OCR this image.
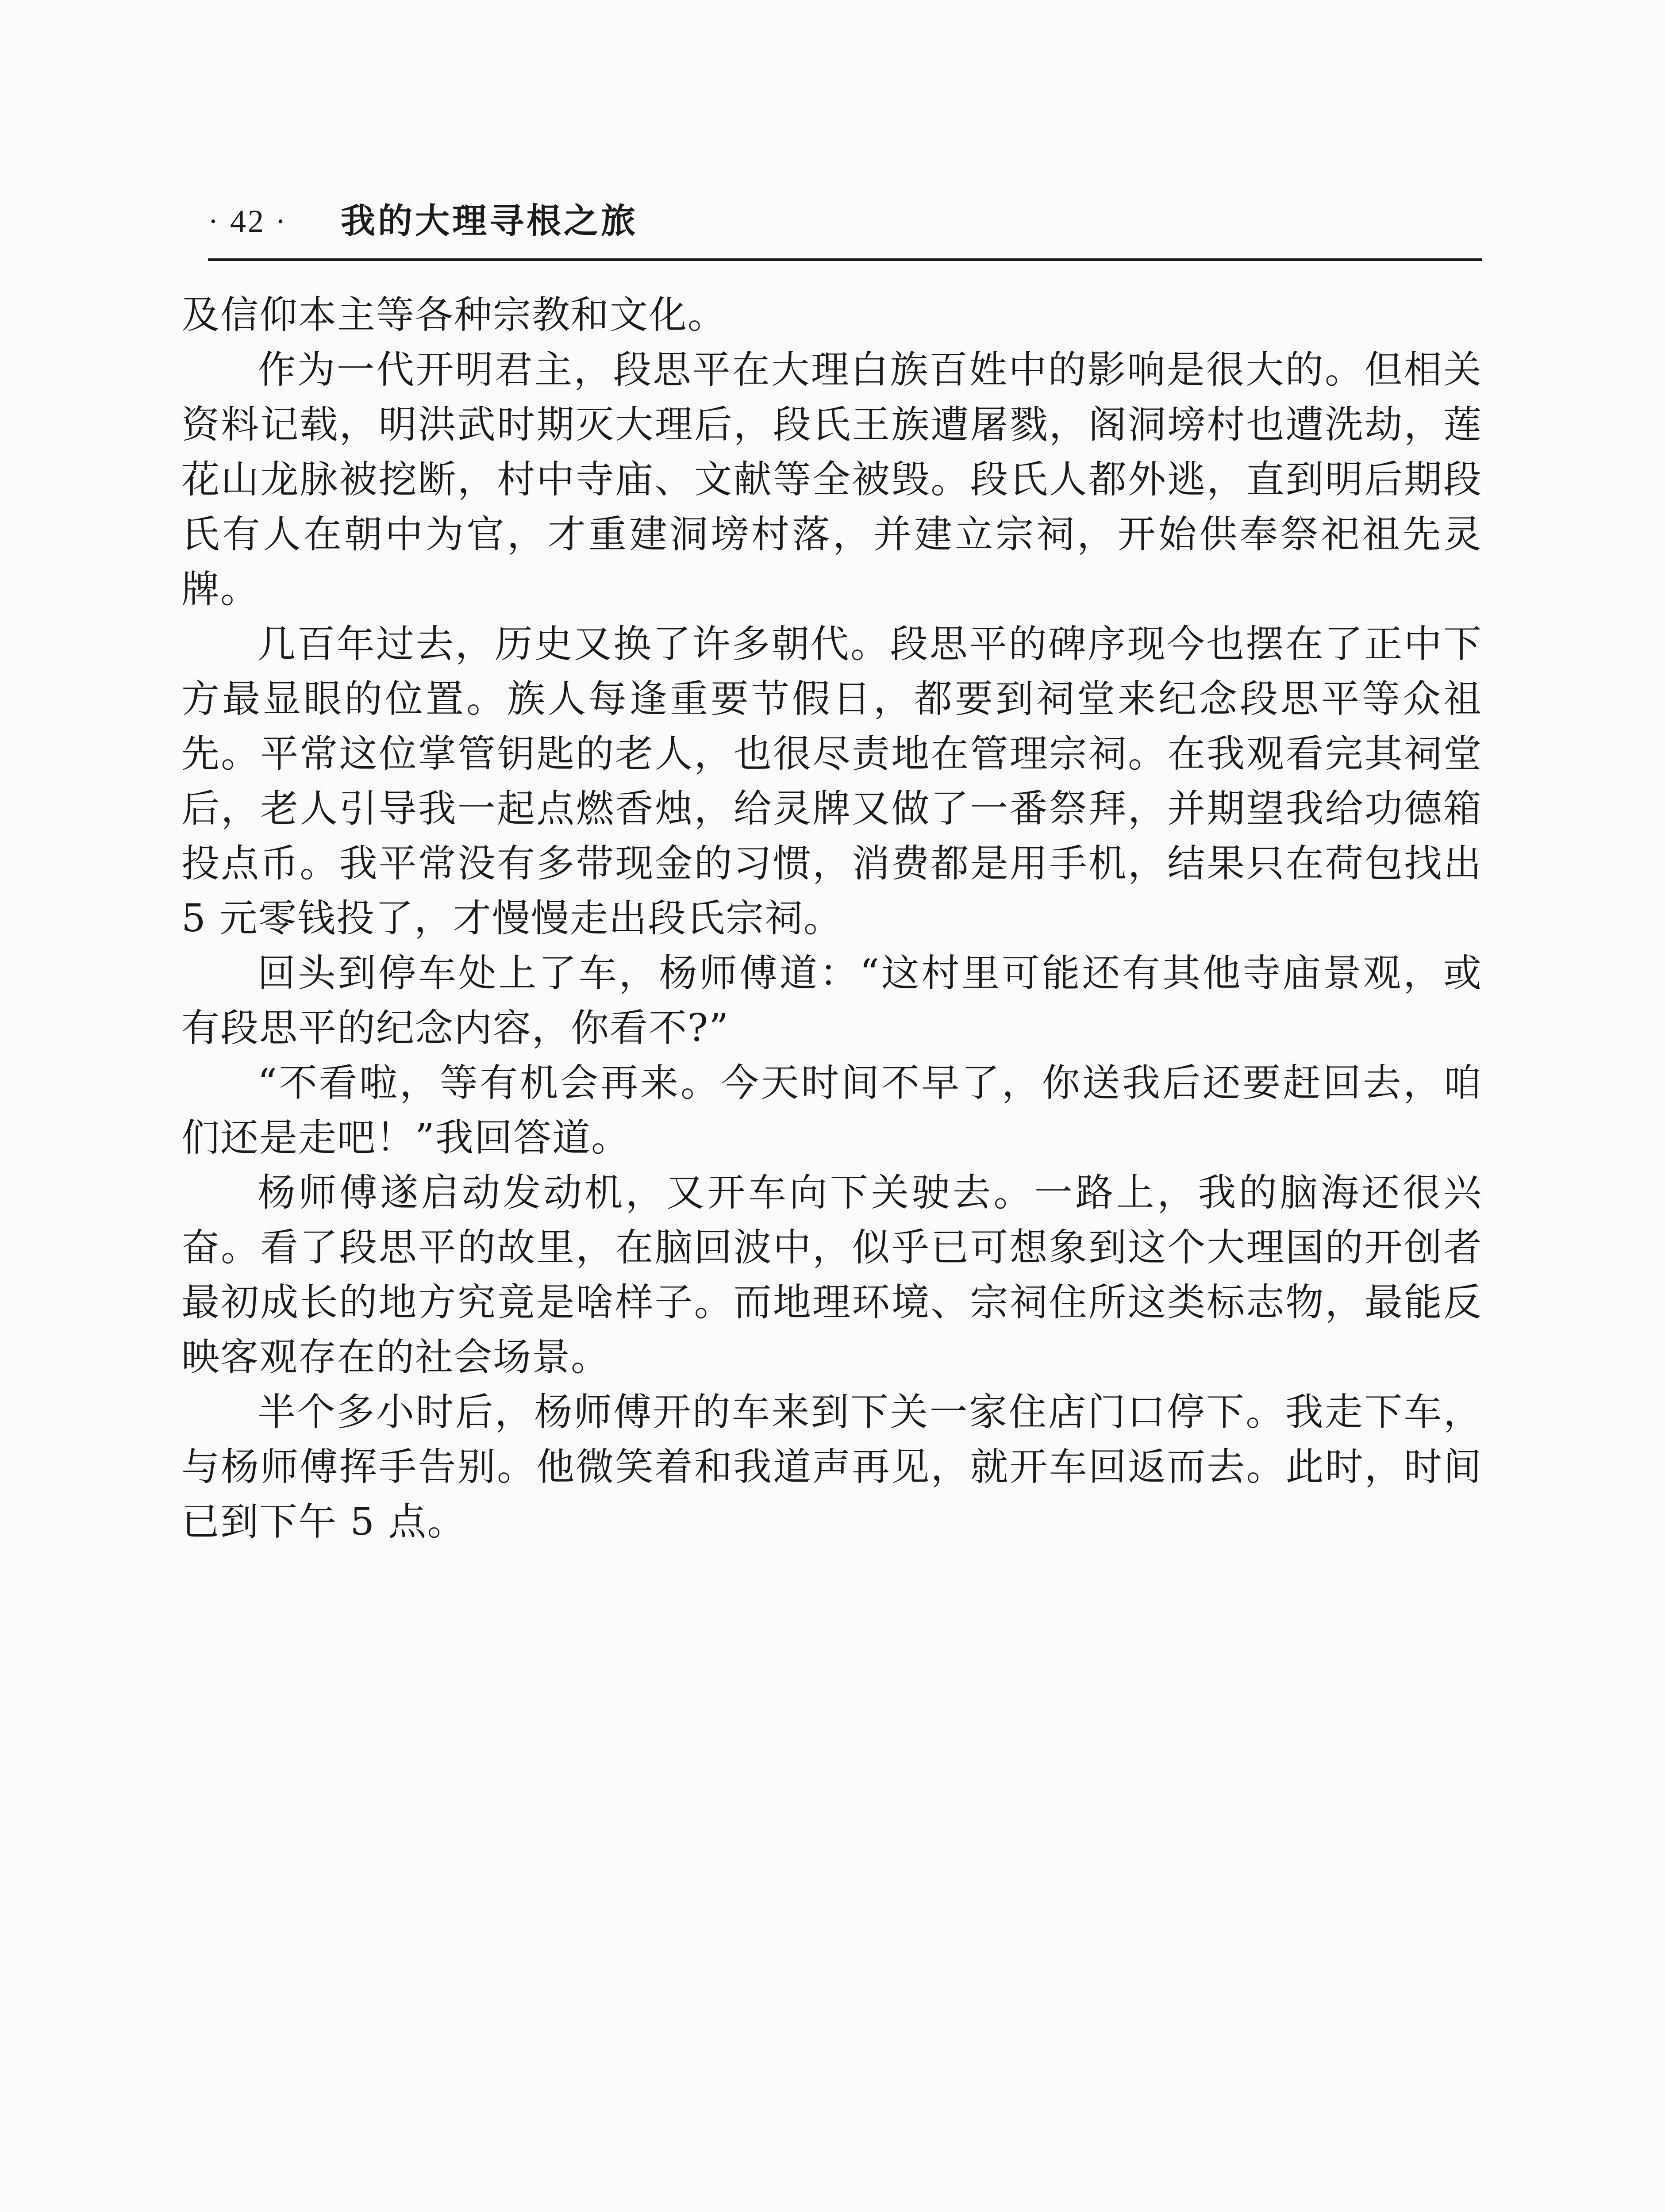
· 42 · 我的大理寻根之旅

及信仰本主等各种宗教和文化。

作为一代开明君主，段思平在大理白族百姓中的影响是很大的。但相关资料记载，明洪武时期灭大理后，段氏王族遭屠戮，阁洞塝村也遭洗劫，莲花山龙脉被挖断，村中寺庙、文献等全被毁。段氏人都外逃，直到明后期段氏有人在朝中为官，才重建洞塝村落，并建立宗祠，开始供奉祭祀祖先灵牌。

几百年过去，历史又换了许多朝代。段思平的碑序现今也摆在了正中下方最显眼的位置。族人每逢重要节假日，都要到祠堂来纪念段思平等众祖先。平常这位掌管钥匙的老人，也很尽责地在管理宗祠。在我观看完其祠堂后，老人引导我一起点燃香烛，给灵牌又做了一番祭拜，并期望我给功德箱投点币。我平常没有多带现金的习惯，消费都是用手机，结果只在荷包找出 5 元零钱投了，才慢慢走出段氏宗祠。

回头到停车处上了车，杨师傅道：“这村里可能还有其他寺庙景观，或有段思平的纪念内容，你看不?”

“不看啦，等有机会再来。今天时间不早了，你送我后还要赶回去，咱们还是走吧！”我回答道。

杨师傅遂启动发动机，又开车向下关驶去。一路上，我的脑海还很兴奋。看了段思平的故里，在脑回波中，似乎已可想象到这个大理国的开创者最初成长的地方究竟是啥样子。而地理环境、宗祠住所这类标志物，最能反映客观存在的社会场景。

半个多小时后，杨师傅开的车来到下关一家住店门口停下。我走下车，与杨师傅挥手告别。他微笑着和我道声再见，就开车回返而去。此时，时间已到下午 5 点。
